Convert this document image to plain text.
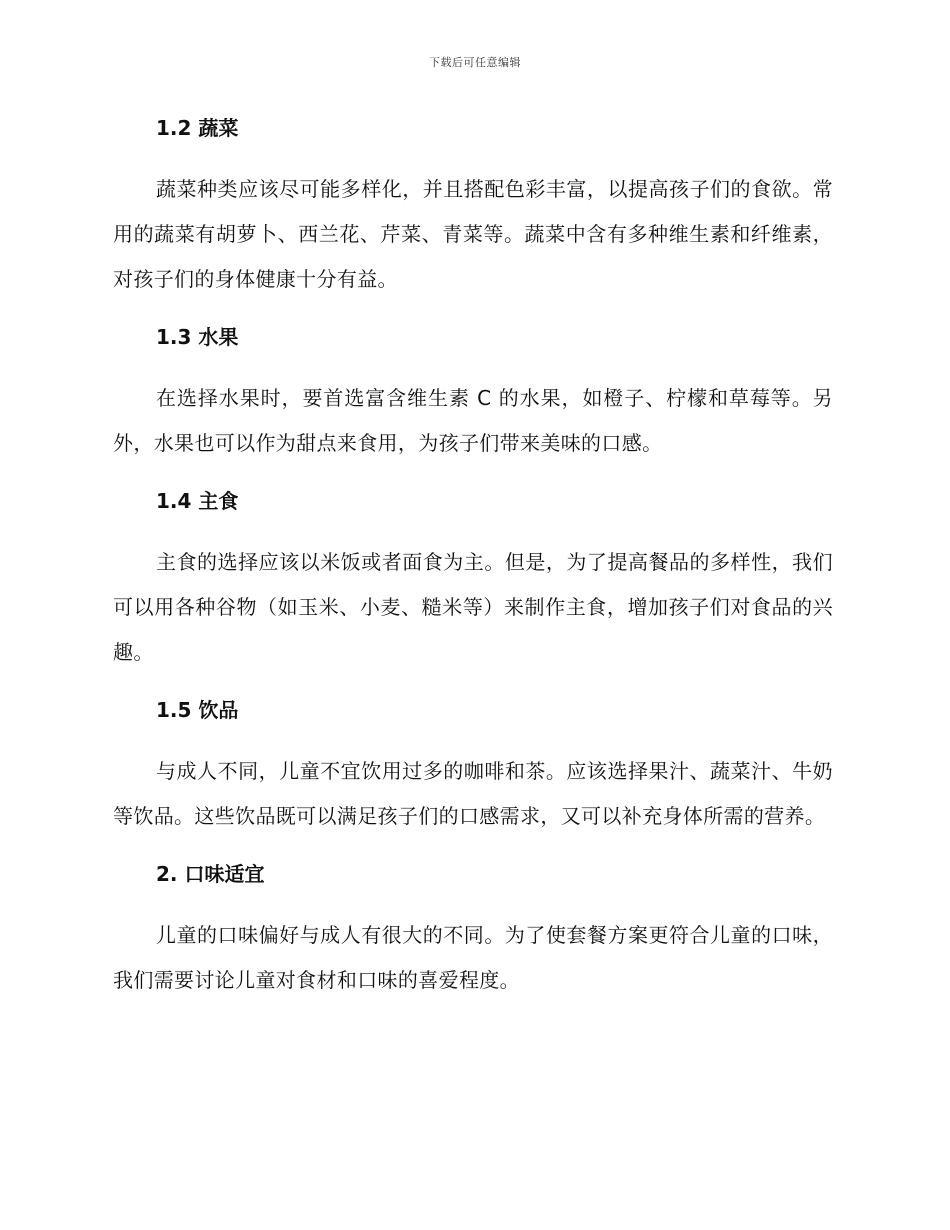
下载后可任意编辑
1.2 蔬菜

蔬菜种类应该尽可能多样化，并且搭配色彩丰富，以提高孩子们的食欲。常用的蔬菜有胡萝卜、西兰花、芹菜、青菜等。蔬菜中含有多种维生素和纤维素，对孩子们的身体健康十分有益。

1.3 水果

在选择水果时，要首选富含维生素 C 的水果，如橙子、柠檬和草莓等。另外，水果也可以作为甜点来食用，为孩子们带来美味的口感。

1.4 主食

主食的选择应该以米饭或者面食为主。但是，为了提高餐品的多样性，我们可以用各种谷物（如玉米、小麦、糙米等）来制作主食，增加孩子们对食品的兴趣。

1.5 饮品

与成人不同，儿童不宜饮用过多的咖啡和茶。应该选择果汁、蔬菜汁、牛奶等饮品。这些饮品既可以满足孩子们的口感需求，又可以补充身体所需的营养。

2. 口味适宜

儿童的口味偏好与成人有很大的不同。为了使套餐方案更符合儿童的口味，我们需要讨论儿童对食材和口味的喜爱程度。
